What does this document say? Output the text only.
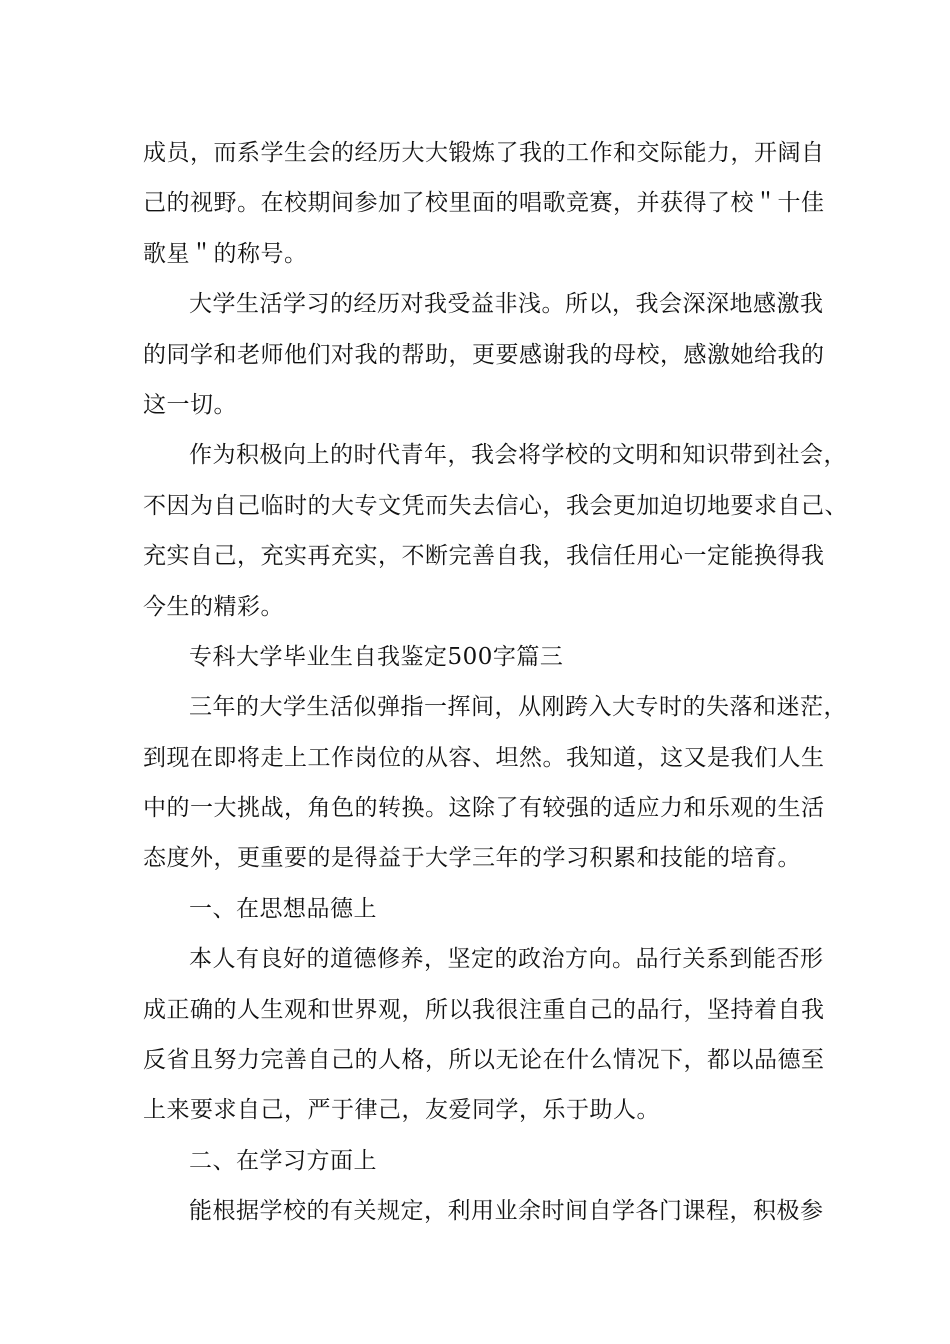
成员，而系学生会的经历大大锻炼了我的工作和交际能力，开阔自
己的视野。在校期间参加了校里面的唱歌竞赛，并获得了校＂十佳
歌星＂的称号。
大学生活学习的经历对我受益非浅。所以，我会深深地感激我
的同学和老师他们对我的帮助，更要感谢我的母校，感激她给我的
这一切。
作为积极向上的时代青年，我会将学校的文明和知识带到社会，
不因为自己临时的大专文凭而失去信心，我会更加迫切地要求自己、
充实自己，充实再充实，不断完善自我，我信任用心一定能换得我
今生的精彩。
专科大学毕业生自我鉴定500字篇三
三年的大学生活似弹指一挥间，从刚跨入大专时的失落和迷茫，
到现在即将走上工作岗位的从容、坦然。我知道，这又是我们人生
中的一大挑战，角色的转换。这除了有较强的适应力和乐观的生活
态度外，更重要的是得益于大学三年的学习积累和技能的培育。
一、在思想品德上
本人有良好的道德修养，坚定的政治方向。品行关系到能否形
成正确的人生观和世界观，所以我很注重自己的品行，坚持着自我
反省且努力完善自己的人格，所以无论在什么情况下，都以品德至
上来要求自己，严于律己，友爱同学，乐于助人。
二、在学习方面上
能根据学校的有关规定，利用业余时间自学各门课程，积极参
